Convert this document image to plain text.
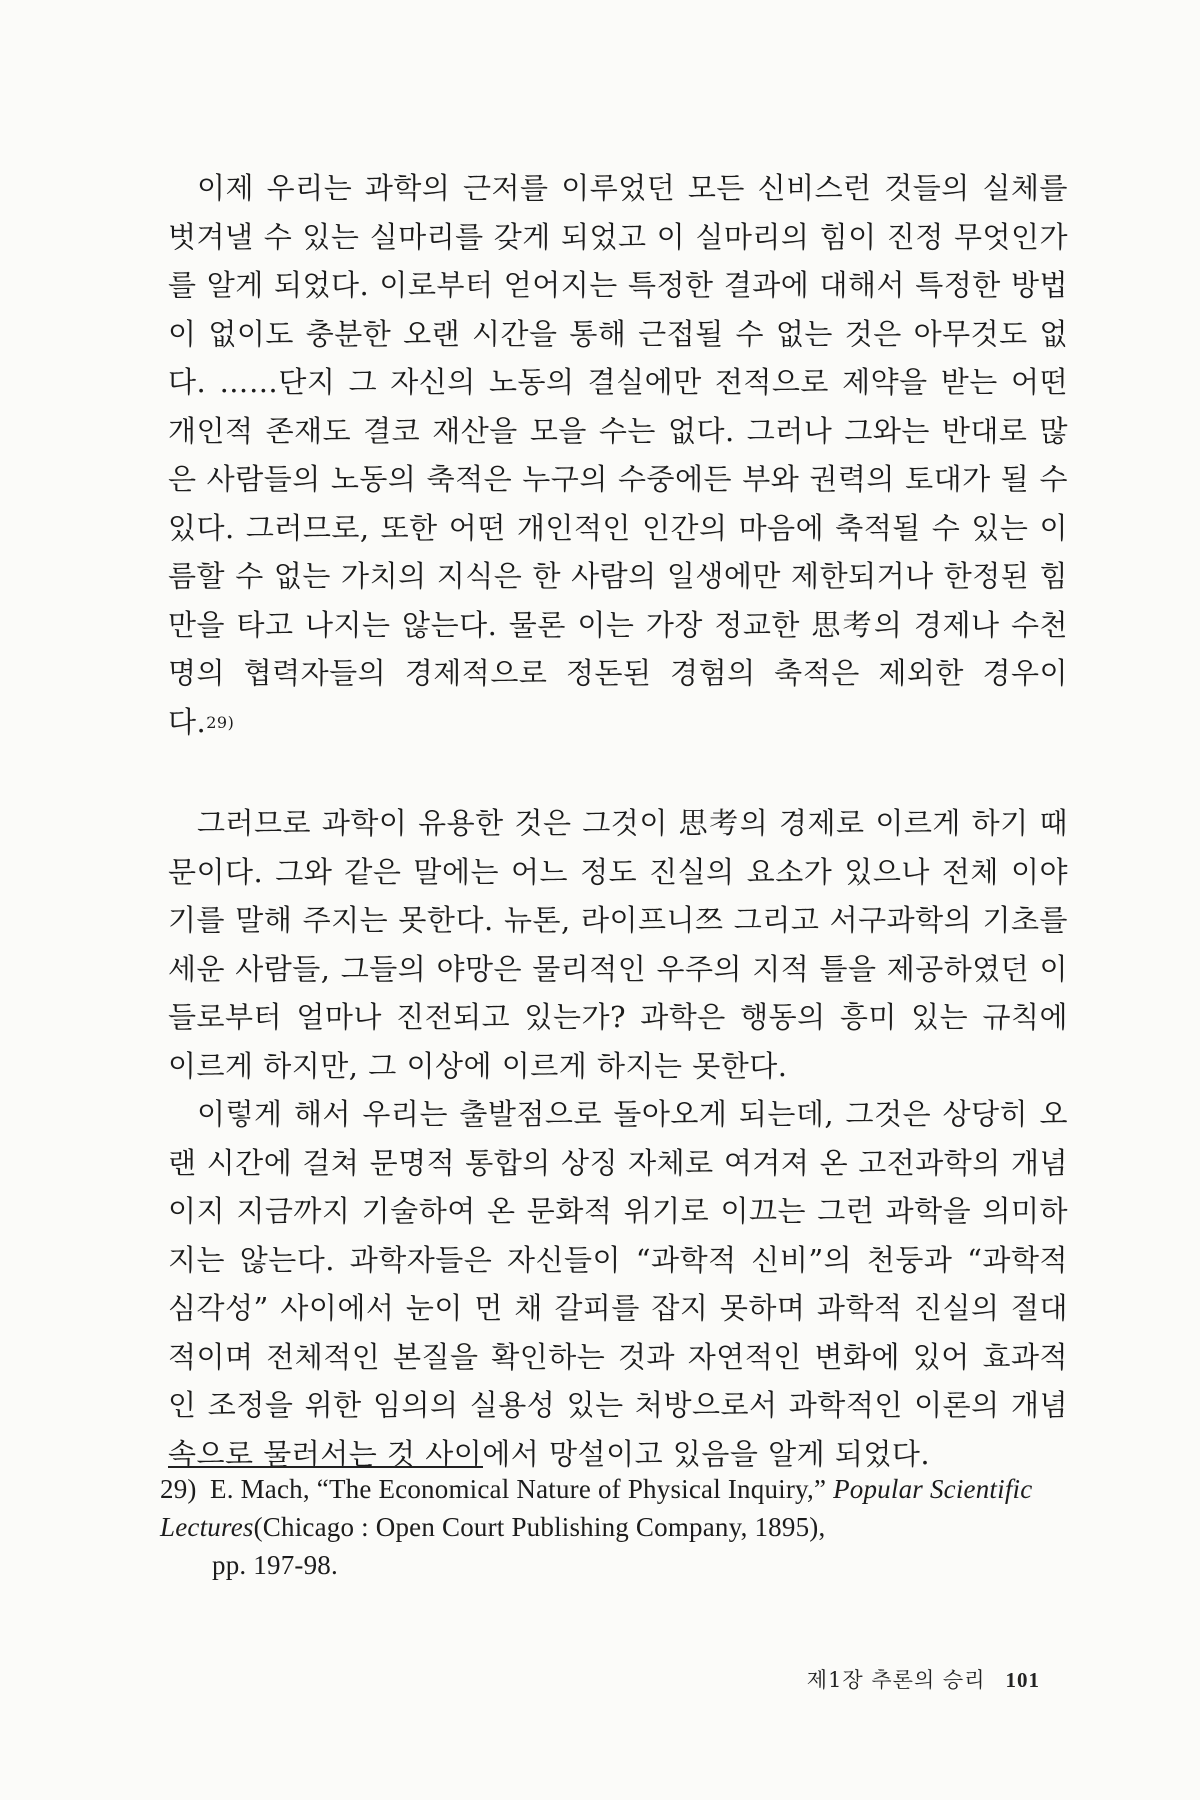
이제 우리는 과학의 근저를 이루었던 모든 신비스런 것들의 실체를 벗겨낼 수 있는 실마리를 갖게 되었고 이 실마리의 힘이 진정 무엇인가를 알게 되었다. 이로부터 얻어지는 특정한 결과에 대해서 특정한 방법이 없이도 충분한 오랜 시간을 통해 근접될 수 없는 것은 아무것도 없다. ……단지 그 자신의 노동의 결실에만 전적으로 제약을 받는 어떤 개인적 존재도 결코 재산을 모을 수는 없다. 그러나 그와는 반대로 많은 사람들의 노동의 축적은 누구의 수중에든 부와 권력의 토대가 될 수 있다. 그러므로, 또한 어떤 개인적인 인간의 마음에 축적될 수 있는 이름할 수 없는 가치의 지식은 한 사람의 일생에만 제한되거나 한정된 힘만을 타고 나지는 않는다. 물론 이는 가장 정교한 思考의 경제나 수천명의 협력자들의 경제적으로 정돈된 경험의 축적은 제외한 경우이다.$^{29)}$

그러므로 과학이 유용한 것은 그것이 思考의 경제로 이르게 하기 때문이다. 그와 같은 말에는 어느 정도 진실의 요소가 있으나 전체 이야기를 말해 주지는 못한다. 뉴톤, 라이프니쯔 그리고 서구과학의 기초를 세운 사람들, 그들의 야망은 물리적인 우주의 지적 틀을 제공하였던 이들로부터 얼마나 진전되고 있는가? 과학은 행동의 흥미 있는 규칙에 이르게 하지만, 그 이상에 이르게 하지는 못한다.

이렇게 해서 우리는 출발점으로 돌아오게 되는데, 그것은 상당히 오랜 시간에 걸쳐 문명적 통합의 상징 자체로 여겨져 온 고전과학의 개념이지 지금까지 기술하여 온 문화적 위기로 이끄는 그런 과학을 의미하지는 않는다. 과학자들은 자신들이 “과학적 신비”의 천둥과 “과학적 심각성” 사이에서 눈이 먼 채 갈피를 잡지 못하며 과학적 진실의 절대적이며 전체적인 본질을 확인하는 것과 자연적인 변화에 있어 효과적인 조정을 위한 임의의 실용성 있는 처방으로서 과학적인 이론의 개념 속으로 물러서는 것 사이에서 망설이고 있음을 알게 되었다.

29) E. Mach, “The Economical Nature of Physical Inquiry,” Popular Scientific Lectures(Chicago : Open Court Publishing Company, 1895),
pp. 197-98.
제1장 추론의 승리 101
